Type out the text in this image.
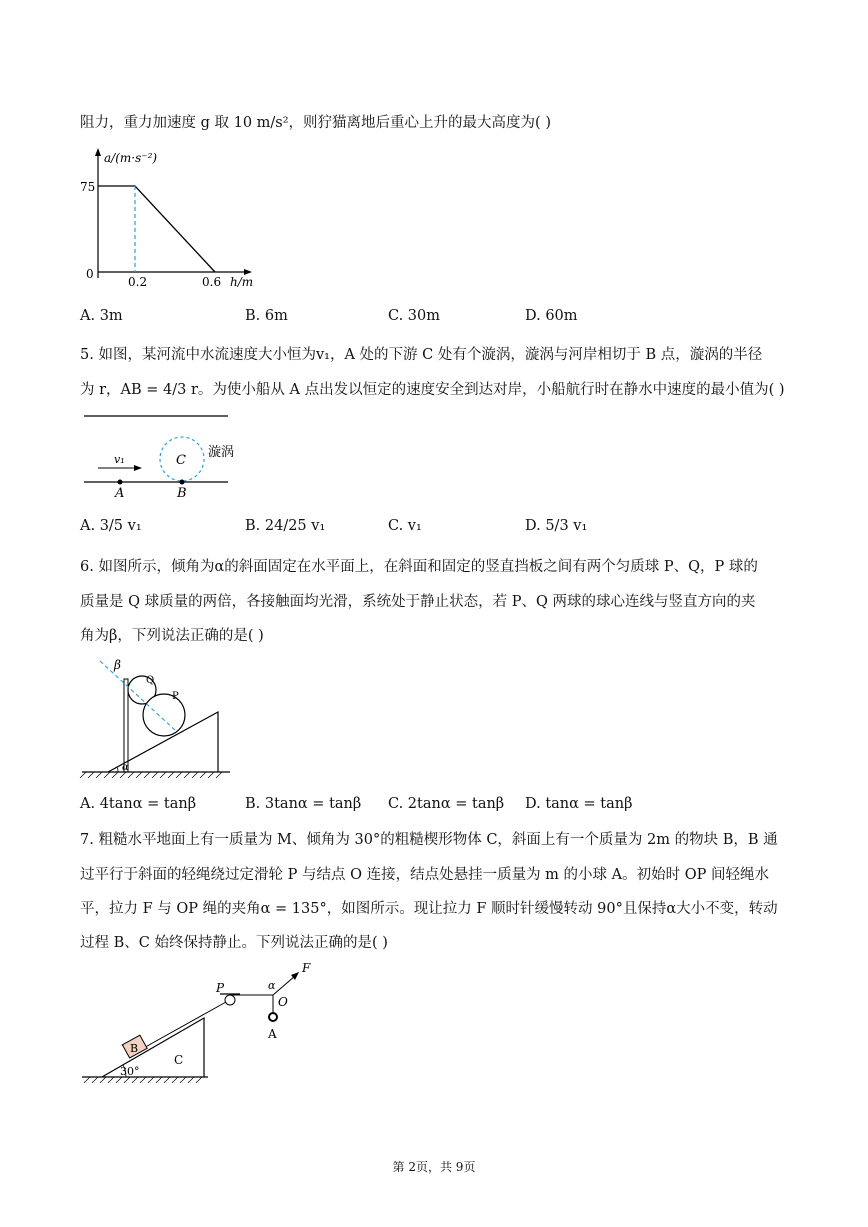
阻力，重力加速度 g 取 10 m/s²，则狞猫离地后重心上升的最大高度为( )
a/(m·s⁻²)
75
0
0.2	0.6 h/m
A. 3m	B. 6m	C. 30m	D. 60m
5. 如图，某河流中水流速度大小恒为v₁，A 处的下游 C 处有个漩涡，漩涡与河岸相切于 B 点，漩涡的半径
为 r，AB = 4/3 r。为使小船从 A 点出发以恒定的速度安全到达对岸，小船航行时在静水中速度的最小值为( )
漩涡
C
v₁
A	B
A. 3/5 v₁	B. 24/25 v₁	C. v₁	D. 5/3 v₁
6. 如图所示，倾角为α的斜面固定在水平面上，在斜面和固定的竖直挡板之间有两个匀质球 P、Q，P 球的
质量是 Q 球质量的两倍，各接触面均光滑，系统处于静止状态，若 P、Q 两球的球心连线与竖直方向的夹
角为β，下列说法正确的是( )
β
Q
P
α
A. 4tanα = tanβ	B. 3tanα = tanβ C. 2tanα = tanβ D. tanα = tanβ
7. 粗糙水平地面上有一质量为 M、倾角为 30°的粗糙楔形物体 C，斜面上有一个质量为 2m 的物块 B，B 通
过平行于斜面的轻绳绕过定滑轮 P 与结点 O 连接，结点处悬挂一质量为 m 的小球 A。初始时 OP 间轻绳水
平，拉力 F 与 OP 绳的夹角α = 135°，如图所示。现让拉力 F 顺时针缓慢转动 90°且保持α大小不变，转动
过程 B、C 始终保持静止。下列说法正确的是( )
P	α
O
F
B
C
A
30°
第 2页，共 9页
